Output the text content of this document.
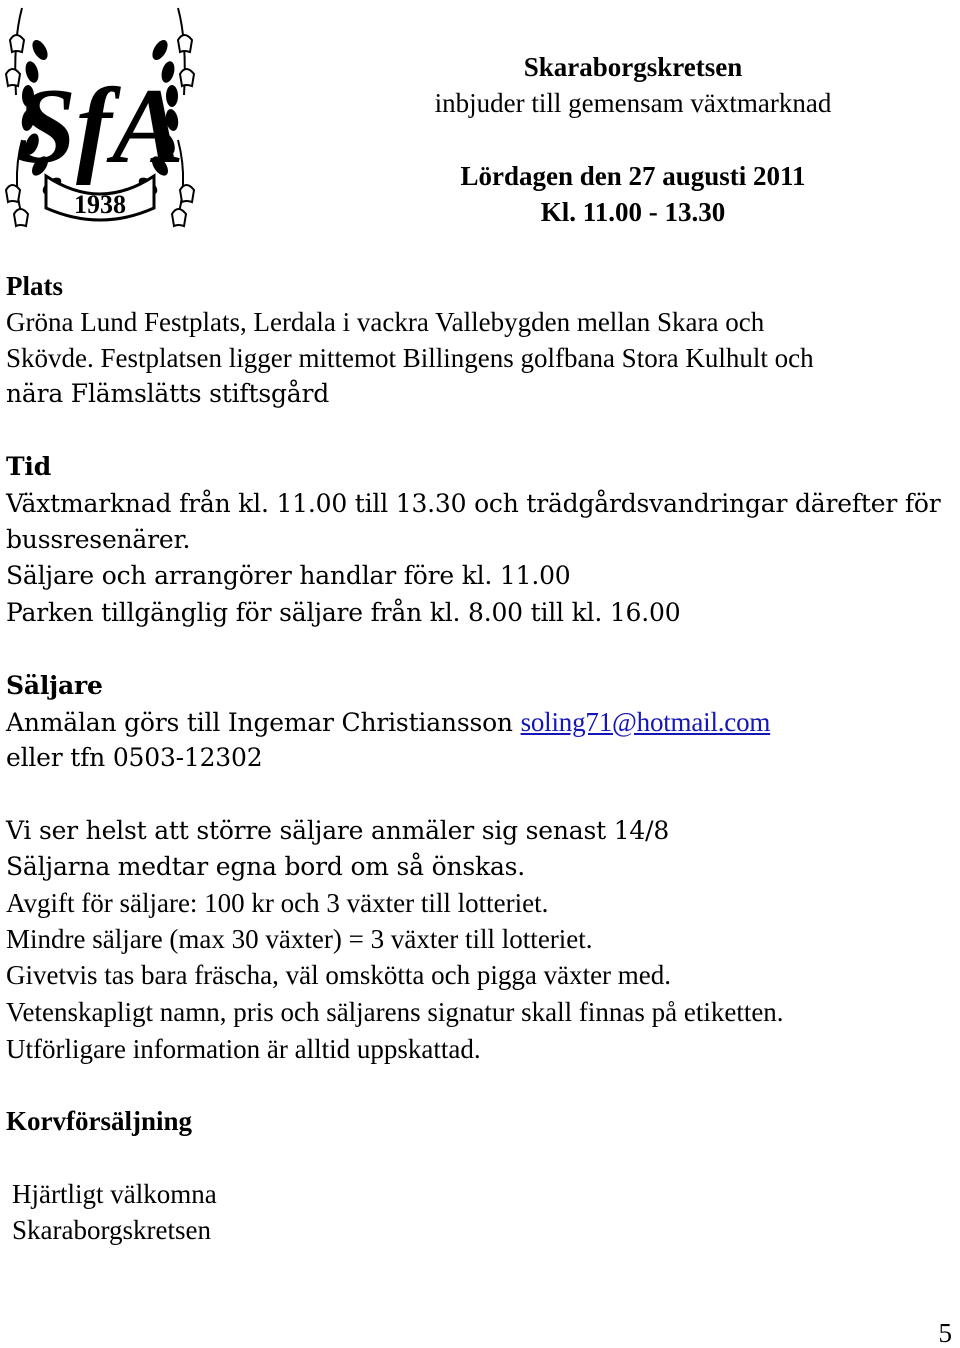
1938
SfA	Skaraborgskretsen
inbjuder till gemensam växtmarknad
Lördagen den 27 augusti 2011
Kl. 11.00 - 13.30
Plats
Gröna Lund Festplats, Lerdala i vackra Vallebygden mellan Skara och
Skövde. Festplatsen ligger mittemot Billingens golfbana Stora Kulhult och
nära Flämslätts stiftsgård
Tid
Växtmarknad från kl. 11.00 till 13.30 och trädgårdsvandringar därefter för
bussresenärer.
Säljare och arrangörer handlar före kl. 11.00
Parken tillgänglig för säljare från kl. 8.00 till kl. 16.00
Säljare
Anmälan görs till Ingemar Christiansson soling71@hotmail.com
eller tfn 0503-12302
Vi ser helst att större säljare anmäler sig senast 14/8
Säljarna medtar egna bord om så önskas.
Avgift för säljare: 100 kr och 3 växter till lotteriet.
Mindre säljare (max 30 växter) = 3 växter till lotteriet.
Givetvis tas bara fräscha, väl omskötta och pigga växter med.
Vetenskapligt namn, pris och säljarens signatur skall finnas på etiketten.
Utförligare information är alltid uppskattad.
Korvförsäljning
Hjärtligt välkomna
Skaraborgskretsen
5
